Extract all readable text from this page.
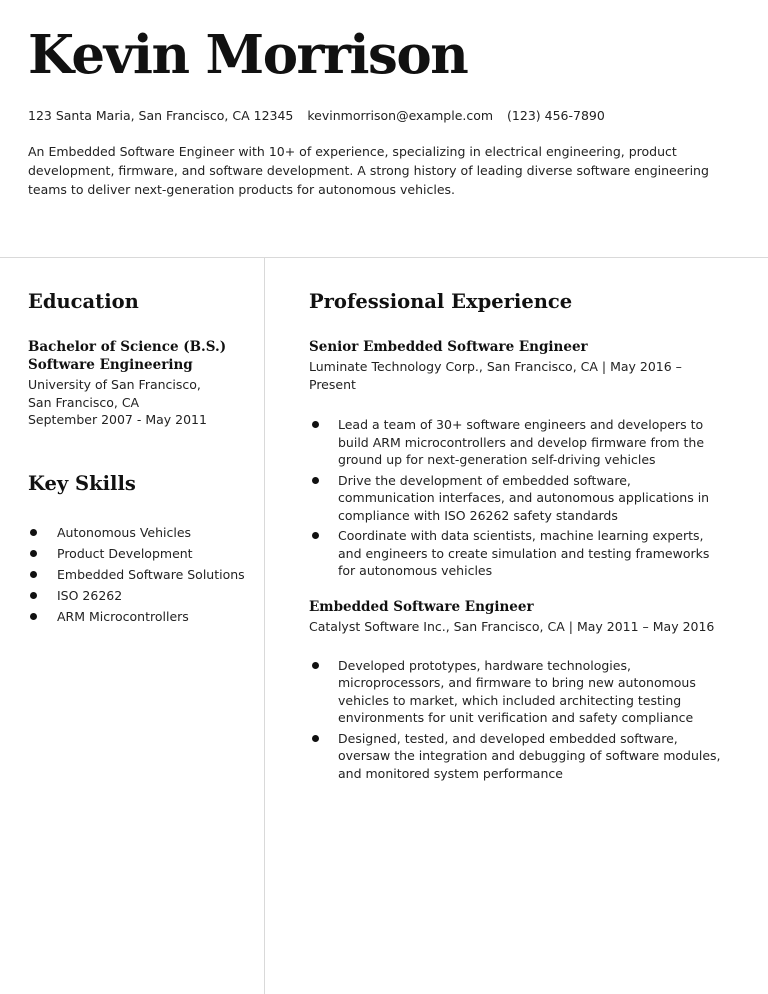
Kevin Morrison
123 Santa Maria, San Francisco, CA 12345 kevinmorrison@example.com (123) 456-7890

An Embedded Software Engineer with 10+ of experience, specializing in electrical engineering, product development, firmware, and software development. A strong history of leading diverse software engineering teams to deliver next-generation products for autonomous vehicles.

Education
Bachelor of Science (B.S.)
Software Engineering
University of San Francisco,
San Francisco, CA
September 2007 - May 2011
Key Skills
Autonomous Vehicles
Product Development
Embedded Software Solutions
ISO 26262
ARM Microcontrollers
Professional Experience
Senior Embedded Software Engineer
Luminate Technology Corp., San Francisco, CA | May 2016 – Present
Lead a team of 30+ software engineers and developers to build ARM microcontrollers and develop firmware from the ground up for next-generation self-driving vehicles
Drive the development of embedded software, communication interfaces, and autonomous applications in compliance with ISO 26262 safety standards
Coordinate with data scientists, machine learning experts, and engineers to create simulation and testing frameworks for autonomous vehicles
Embedded Software Engineer
Catalyst Software Inc., San Francisco, CA | May 2011 – May 2016
Developed prototypes, hardware technologies, microprocessors, and firmware to bring new autonomous vehicles to market, which included architecting testing environments for unit verification and safety compliance
Designed, tested, and developed embedded software, oversaw the integration and debugging of software modules, and monitored system performance
